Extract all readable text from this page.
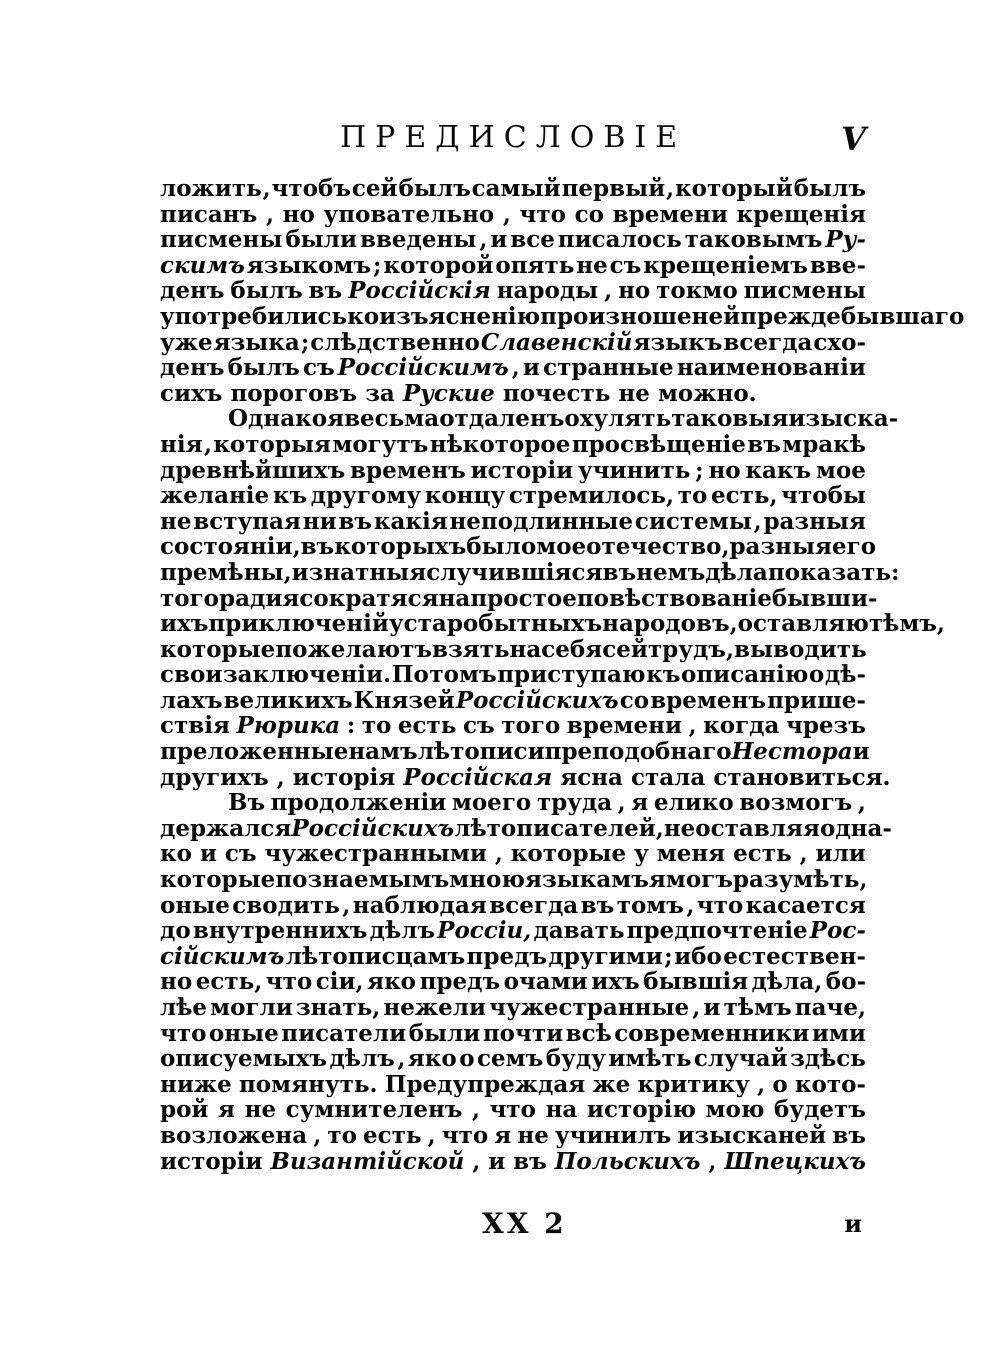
ПРЕДИСЛОВІЕ	V
ложить , чтобъ сей былъ самый первый , который былъ
писанъ , но уповательно , что со времени крещенія
писмены были введены , и все писалось таковымъ Ру-
скимъ языкомъ ; которой опять не съ крещеніемъ вве-
денъ былъ въ Россійскія народы , но токмо писмены
употребились ко изъясненію произношеней прежде бывшаго
уже языка ; слѣдственно Славенскій языкъ всегда схо-
денъ былъ съ Россійскимъ , и странные наименованіи
сихъ пороговъ за Руские почесть не можно.
Однако я весьма отдаленъ охулять таковыя изыска-
нія , которыя могутъ нѣкоторое просвѣщеніе въ мракѣ
древнѣйшихъ временъ исторіи учинить ; но какъ мое
желаніе къ другому концу стремилось, то есть, чтобы
не вступая ни въ какія неподлинные системы , разныя
состояніи, въ которыхъ было мое отечество, разныя его
премѣны, и знатныя случившіяся въ немъ дѣла показать:
того ради я сократяся на простое повѣствованіе бывши-
ихъ приключеній у старобытныхъ народовъ, оставляю тѣмъ,
которые пожелаютъ взять на себя сей трудъ, выводить
свои заключеніи. По томъ приступаю къ описанію о дѣ-
лахъ великихъ Князей Россійскихъ со временъ прише-
ствія Рюрика : то есть съ того времени , когда чрезъ
преложенные намъ лѣтописи преподобнаго Нестора и
другихъ , исторія Россійская ясна стала становиться.
Въ продолженіи моего труда , я елико возмогъ ,
держался Россійскихъ лѣтописателей, не оставляя однa-
ко и съ чужестранными , которые у меня есть , или
которые по знаемымъ мною языкамъ я могъ разумѣть,
оные сводить , наблюдая всегда въ томъ , что касается
до внутреннихъ дѣлъ Россіи, давать предпочтеніе Рос-
сійскимъ лѣтописцамъ предъ другими ; ибо естествен-
но есть, что сіи, яко предъ очами ихъ бывшія дѣла, бо-
лѣе могли знать, нежели чужестранные , и тѣмъ паче,
что оные писатели были почти всѣ современники ими
описуемыхъ дѣлъ , яко о семъ буду имѣть случай здѣсь
ниже помянуть. Предупреждая же критику , о кото-
рой я не сумнителенъ , что на исторію мою будетъ
возложена , то есть , что я не учинилъ изысканей въ
исторіи Византійской , и въ Польскихъ , Шпецкихъ
ХХ 2	и
